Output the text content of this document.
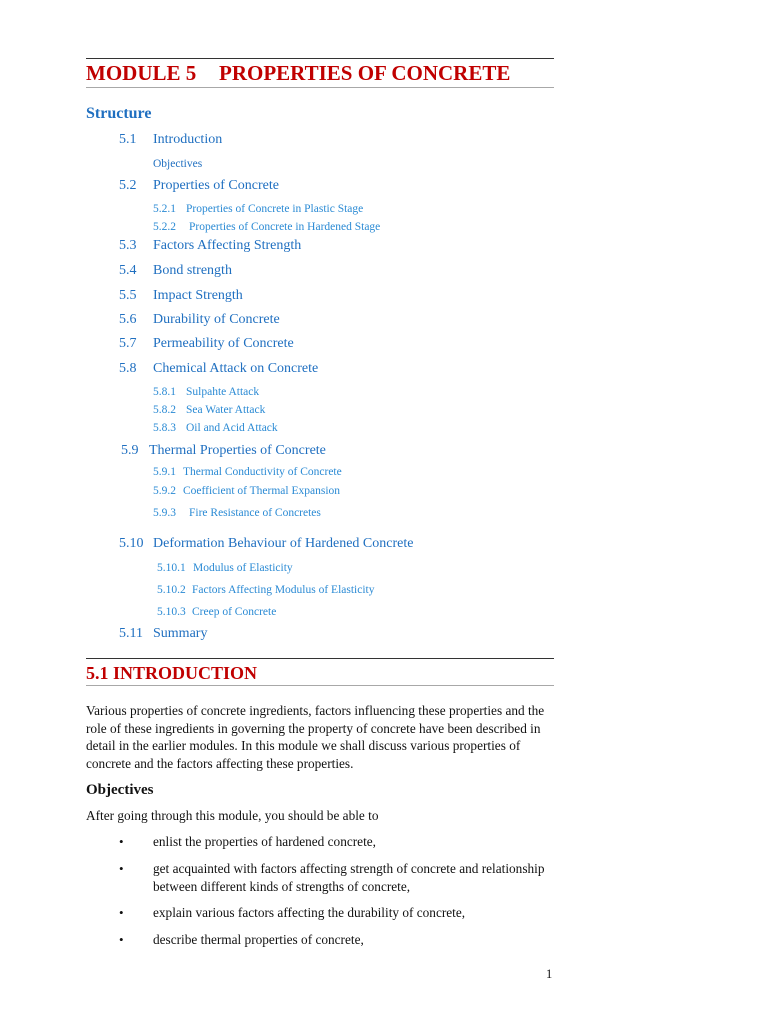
MODULE 5 PROPERTIES OF CONCRETE
Structure
5.1 Introduction
Objectives
5.2 Properties of Concrete
5.2.1 Properties of Concrete in Plastic Stage
5.2.2 Properties of Concrete in Hardened Stage
5.3 Factors Affecting Strength
5.4 Bond strength
5.5 Impact Strength
5.6 Durability of Concrete
5.7 Permeability of Concrete
5.8 Chemical Attack on Concrete
5.8.1 Sulpahte Attack
5.8.2 Sea Water Attack
5.8.3 Oil and Acid Attack
5.9 Thermal Properties of Concrete
5.9.1 Thermal Conductivity of Concrete
5.9.2 Coefficient of Thermal Expansion
5.9.3 Fire Resistance of Concretes
5.10 Deformation Behaviour of Hardened Concrete
5.10.1 Modulus of Elasticity
5.10.2 Factors Affecting Modulus of Elasticity
5.10.3 Creep of Concrete
5.11 Summary
5.1 INTRODUCTION
Various properties of concrete ingredients, factors influencing these properties and the role of these ingredients in governing the property of concrete have been described in detail in the earlier modules. In this module we shall discuss various properties of concrete and the factors affecting these properties.
Objectives
After going through this module, you should be able to
• enlist the properties of hardened concrete,
• get acquainted with factors affecting strength of concrete and relationship between different kinds of strengths of concrete,
• explain various factors affecting the durability of concrete,
• describe thermal properties of concrete,
1
